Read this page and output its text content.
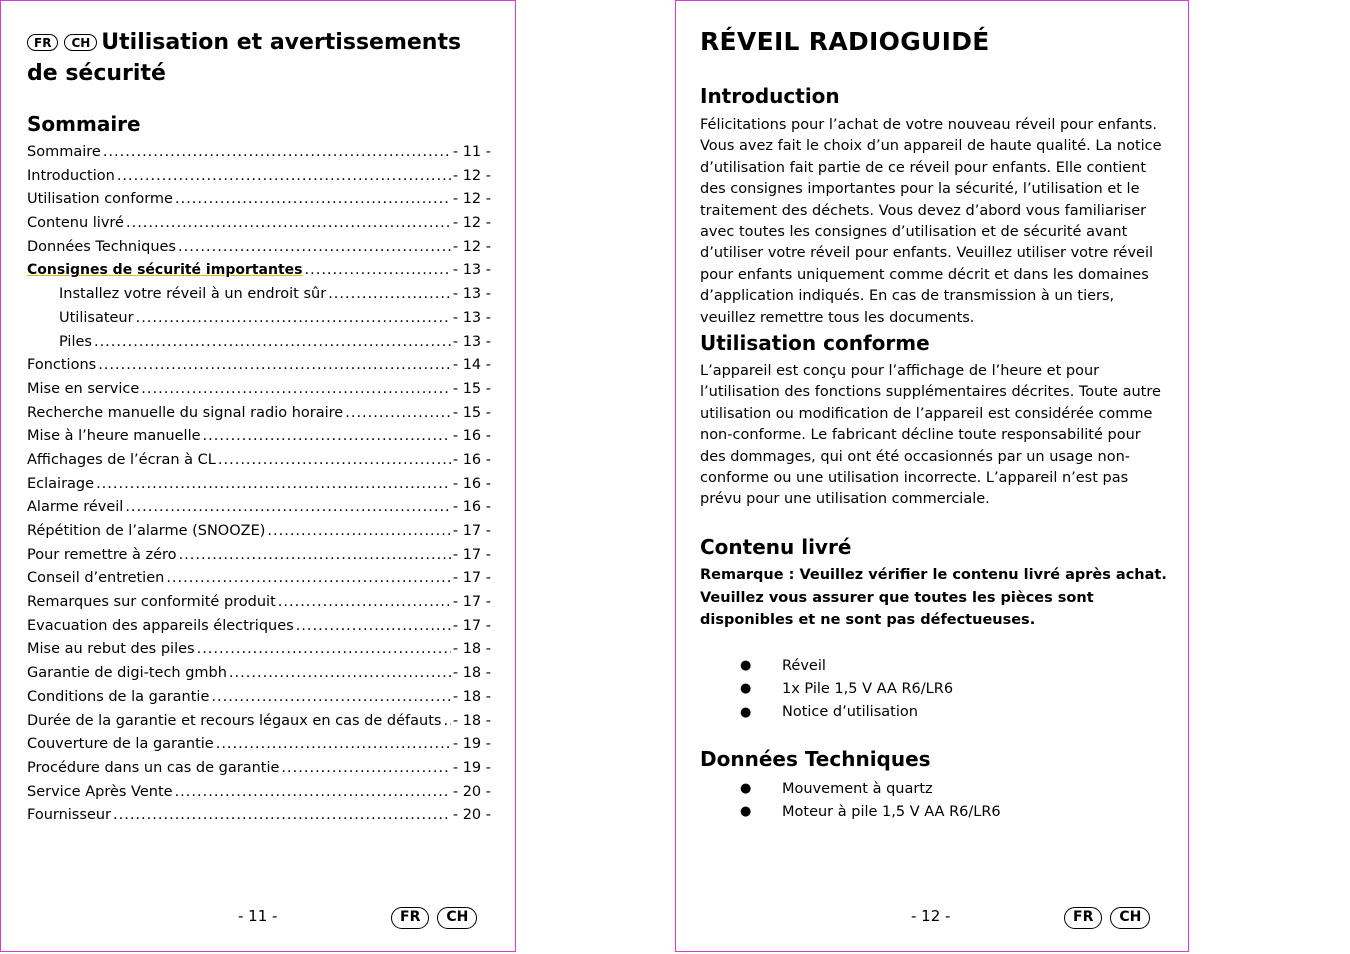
FR	CH Utilisation et avertissements de sécurité
Sommaire
Sommaire .....	- 11 -
Introduction .....	- 12 -
Utilisation conforme .....	- 12 -
Contenu livré .....	- 12 -
Données Techniques .....	- 12 -
Consignes de sécurité importantes .....	- 13 -
Installez votre réveil à un endroit sûr .....	- 13 -
Utilisateur .....	- 13 -
Piles .....	- 13 -
Fonctions .....	- 14 -
Mise en service .....	- 15 -
Recherche manuelle du signal radio horaire .....	- 15 -
Mise à l’heure manuelle .....	- 16 -
Affichages de l’écran à CL .....	- 16 -
Eclairage .....	- 16 -
Alarme réveil .....	- 16 -
Répétition de l’alarme (SNOOZE) .....	- 17 -
Pour remettre à zéro .....	- 17 -
Conseil d’entretien .....	- 17 -
Remarques sur conformité produit .....	- 17 -
Evacuation des appareils électriques .....	- 17 -
Mise au rebut des piles .....	- 18 -
Garantie de digi-tech gmbh .....	- 18 -
Conditions de la garantie .....	- 18 -
Durée de la garantie et recours légaux en cas de défauts ..... - 18 -
Couverture de la garantie .....	- 19 -
Procédure dans un cas de garantie .....	- 19 -
Service Après Vente .....	- 20 -
Fournisseur .....	- 20 -
- 11 -	FR	CH
RÉVEIL RADIOGUIDÉ
Introduction

Félicitations pour l’achat de votre nouveau réveil pour enfants. Vous avez fait le choix d’un appareil de haute qualité. La notice d’utilisation fait partie de ce réveil pour enfants. Elle contient des consignes importantes pour la sécurité, l’utilisation et le traitement des déchets. Vous devez d’abord vous familiariser avec toutes les consignes d’utilisation et de sécurité avant d’utiliser votre réveil pour enfants. Veuillez utiliser votre réveil pour enfants uniquement comme décrit et dans les domaines d’application indiqués. En cas de transmission à un tiers, veuillez remettre tous les documents.

Utilisation conforme

L’appareil est conçu pour l’affichage de l’heure et pour l’utilisation des fonctions supplémentaires décrites. Toute autre utilisation ou modification de l’appareil est considérée comme non-conforme. Le fabricant décline toute responsabilité pour des dommages, qui ont été occasionnés par un usage non-conforme ou une utilisation incorrecte. L’appareil n’est pas prévu pour une utilisation commerciale.

Contenu livré

Remarque : Veuillez vérifier le contenu livré après achat. Veuillez vous assurer que toutes les pièces sont disponibles et ne sont pas défectueuses.

●	Réveil
●	1x Pile 1,5 V AA R6/LR6
●	Notice d’utilisation
Données Techniques
●	Mouvement à quartz
●	Moteur à pile 1,5 V AA R6/LR6
- 12 -	FR	CH
